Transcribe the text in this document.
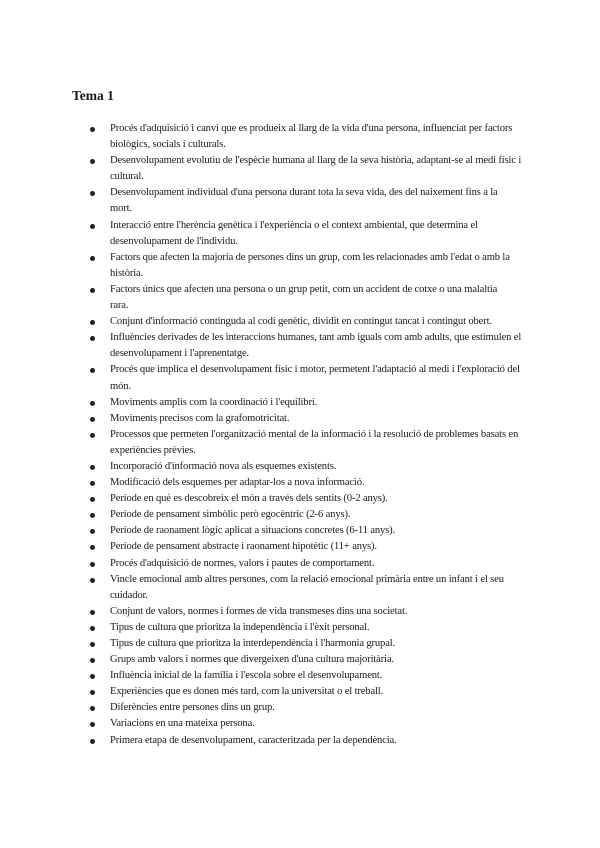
Tema 1
Procés d'adquisició i canvi que es produeix al llarg de la vida d'una persona, influenciat per factors
biològics, socials i culturals.
Desenvolupament evolutiu de l'espècie humana al llarg de la seva història, adaptant-se al medi físic i
cultural.
Desenvolupament individual d'una persona durant tota la seva vida, des del naixement fins a la
mort.
Interacció entre l'herència genètica i l'experiència o el context ambiental, que determina el
desenvolupament de l'individu.
Factors que afecten la majoria de persones dins un grup, com les relacionades amb l'edat o amb la
història.
Factors únics que afecten una persona o un grup petit, com un accident de cotxe o una malaltia
rara.
Conjunt d'informació continguda al codi genètic, dividit en contingut tancat i contingut obert.
Influències derivades de les interaccions humanes, tant amb iguals com amb adults, que estimulen el
desenvolupament i l'aprenentatge.
Procés que implica el desenvolupament físic i motor, permetent l'adaptació al medi i l'exploració del
món.
Moviments amplis com la coordinació i l'equilibri.
Moviments precisos com la grafomotricitat.
Processos que permeten l'organització mental de la informació i la resolució de problemes basats en
experiències prèvies.
Incorporació d'informació nova als esquemes existents.
Modificació dels esquemes per adaptar-los a nova informació.
Període en què es descobreix el món a través dels sentits (0-2 anys).
Període de pensament simbòlic però egocèntric (2-6 anys).
Període de raonament lògic aplicat a situacions concretes (6-11 anys).
Període de pensament abstracte i raonament hipotètic (11+ anys).
Procés d'adquisició de normes, valors i pautes de comportament.
Vincle emocional amb altres persones, com la relació emocional primària entre un infant i el seu
cuidador.
Conjunt de valors, normes i formes de vida transmeses dins una societat.
Tipus de cultura que prioritza la independència i l'èxit personal.
Tipus de cultura que prioritza la interdependència i l'harmonia grupal.
Grups amb valors i normes que divergeixen d'una cultura majoritària.
Influència inicial de la família i l'escola sobre el desenvolupament.
Experiències que es donen més tard, com la universitat o el treball.
Diferències entre persones dins un grup.
Variacions en una mateixa persona.
Primera etapa de desenvolupament, caracteritzada per la dependència.
